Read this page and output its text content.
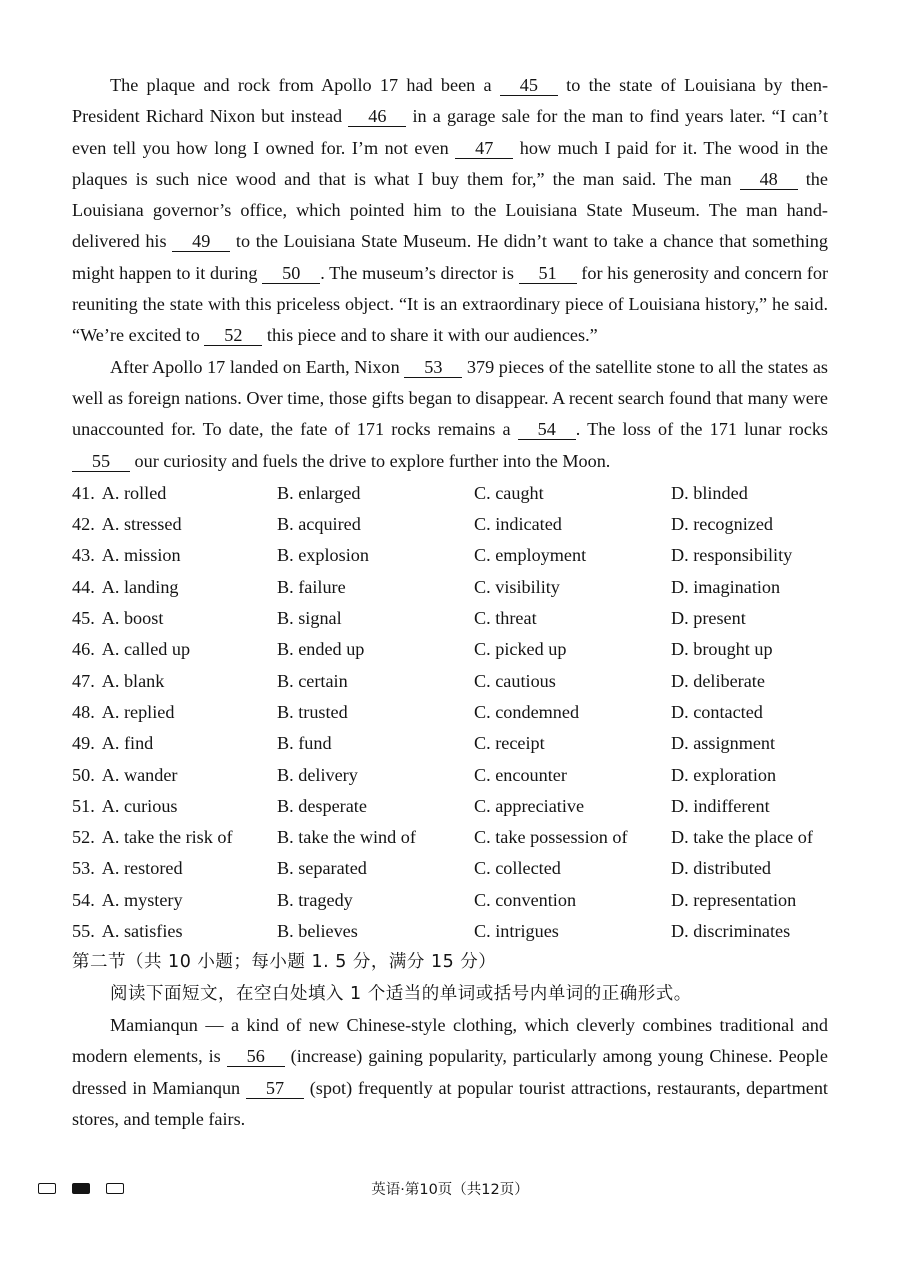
The plaque and rock from Apollo 17 had been a 45 to the state of Louisiana by then-President Richard Nixon but instead 46 in a garage sale for the man to find years later. “I can’t even tell you how long I owned for. I’m not even 47 how much I paid for it. The wood in the plaques is such nice wood and that is what I buy them for,” the man said. The man 48 the Louisiana governor’s office, which pointed him to the Louisiana State Museum. The man hand-delivered his 49 to the Louisiana State Museum. He didn’t want to take a chance that something might happen to it during 50 . The museum’s director is 51 for his generosity and concern for reuniting the state with this priceless object. “It is an extraordinary piece of Louisiana history,” he said. “We’re excited to 52 this piece and to share it with our audiences.”

After Apollo 17 landed on Earth, Nixon 53 379 pieces of the satellite stone to all the states as well as foreign nations. Over time, those gifts began to disappear. A recent search found that many were unaccounted for. To date, the fate of 171 rocks remains a 54 . The loss of the 171 lunar rocks 55 our curiosity and fuels the drive to explore further into the Moon.

41. A. rolled	B. enlarged	C. caught	D. blinded
42. A. stressed	B. acquired	C. indicated	D. recognized
43. A. mission	B. explosion	C. employment	D. responsibility
44. A. landing	B. failure	C. visibility	D. imagination
45. A. boost	B. signal	C. threat	D. present
46. A. called up	B. ended up	C. picked up	D. brought up
47. A. blank	B. certain	C. cautious	D. deliberate
48. A. replied	B. trusted	C. condemned	D. contacted
49. A. find	B. fund	C. receipt	D. assignment
50. A. wander	B. delivery	C. encounter	D. exploration
51. A. curious	B. desperate	C. appreciative	D. indifferent
52. A. take the risk of	B. take the wind of	C. take possession of	D. take the place of
53. A. restored	B. separated	C. collected	D. distributed
54. A. mystery	B. tragedy	C. convention	D. representation
55. A. satisfies	B. believes	C. intrigues	D. discriminates

第二节（共 10 小题；每小题 1. 5 分，满分 15 分）

阅读下面短文，在空白处填入 1 个适当的单词或括号内单词的正确形式。

Mamianqun — a kind of new Chinese-style clothing, which cleverly combines traditional and modern elements, is 56 (increase) gaining popularity, particularly among young Chinese. People dressed in Mamianqun 57 (spot) frequently at popular tourist attractions, restaurants, department stores, and temple fairs.

英语·第10页（共12页）
